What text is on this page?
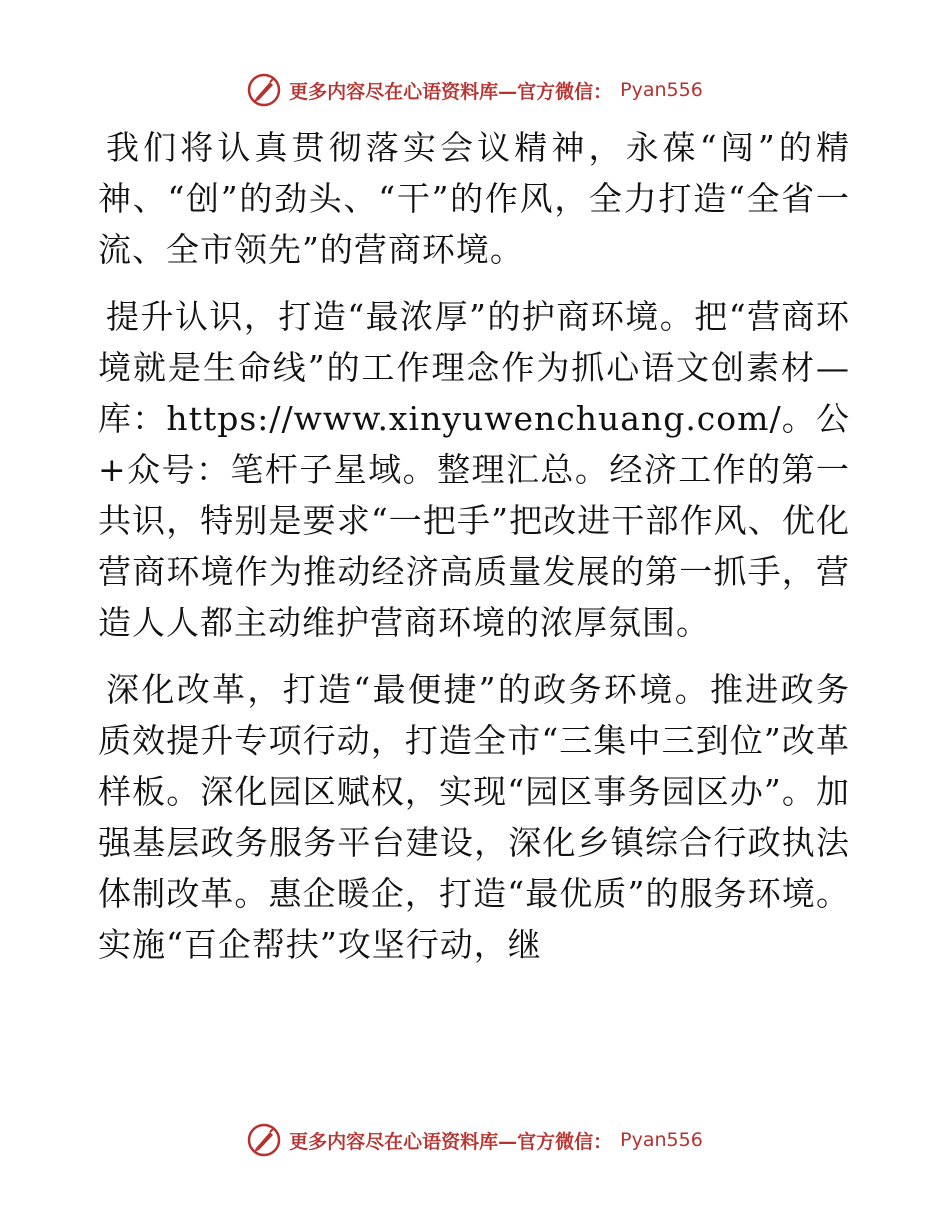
更多内容尽在心语资料库—官方微信： Pyan556

我们将认真贯彻落实会议精神，永葆“闯”的精神、“创”的劲头、“干”的作风，全力打造“全省一流、全市领先”的营商环境。

提升认识，打造“最浓厚”的护商环境。把“营商环境就是生命线”的工作理念作为抓心语文创素材—库：https://www.xinyuwenchuang.com/。公+众号：笔杆子星域。整理汇总。经济工作的第一共识，特别是要求“一把手”把改进干部作风、优化营商环境作为推动经济高质量发展的第一抓手，营造人人都主动维护营商环境的浓厚氛围。

深化改革，打造“最便捷”的政务环境。推进政务质效提升专项行动，打造全市“三集中三到位”改革样板。深化园区赋权，实现“园区事务园区办”。加强基层政务服务平台建设，深化乡镇综合行政执法体制改革。惠企暖企，打造“最优质”的服务环境。实施“百企帮扶”攻坚行动，继

更多内容尽在心语资料库—官方微信： Pyan556
